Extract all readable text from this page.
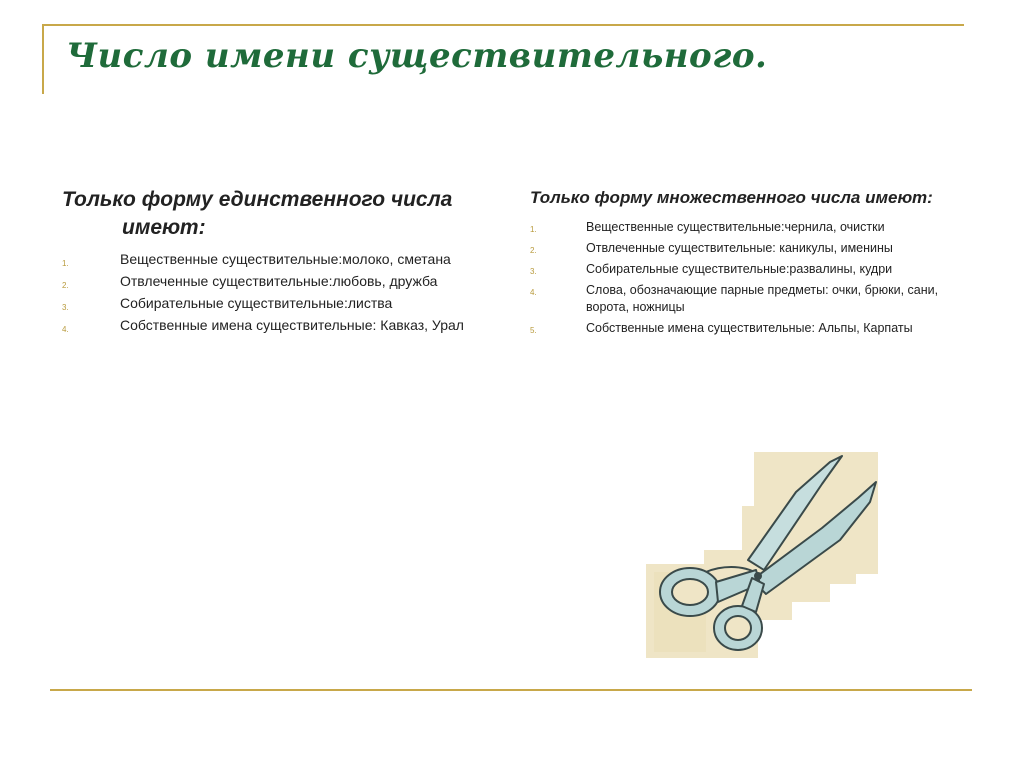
Число имени существительного.

Только форму единственного числа имеют:

1.	Вещественные существительные:молоко, сметана
2.	Отвлеченные существительные:любовь, дружба
3.	Собирательные существительные:листва
4.	Собственные имена существительные: Кавказ, Урал

Только форму множественного числа имеют:

1.	Вещественные существительные:чернила, очистки
2.	Отвлеченные существительные: каникулы, именины
3.	Собирательные существительные:развалины, кудри
4.	Слова, обозначающие парные предметы: очки, брюки, сани, ворота, ножницы
5.	Собственные имена существительные: Альпы, Карпаты
